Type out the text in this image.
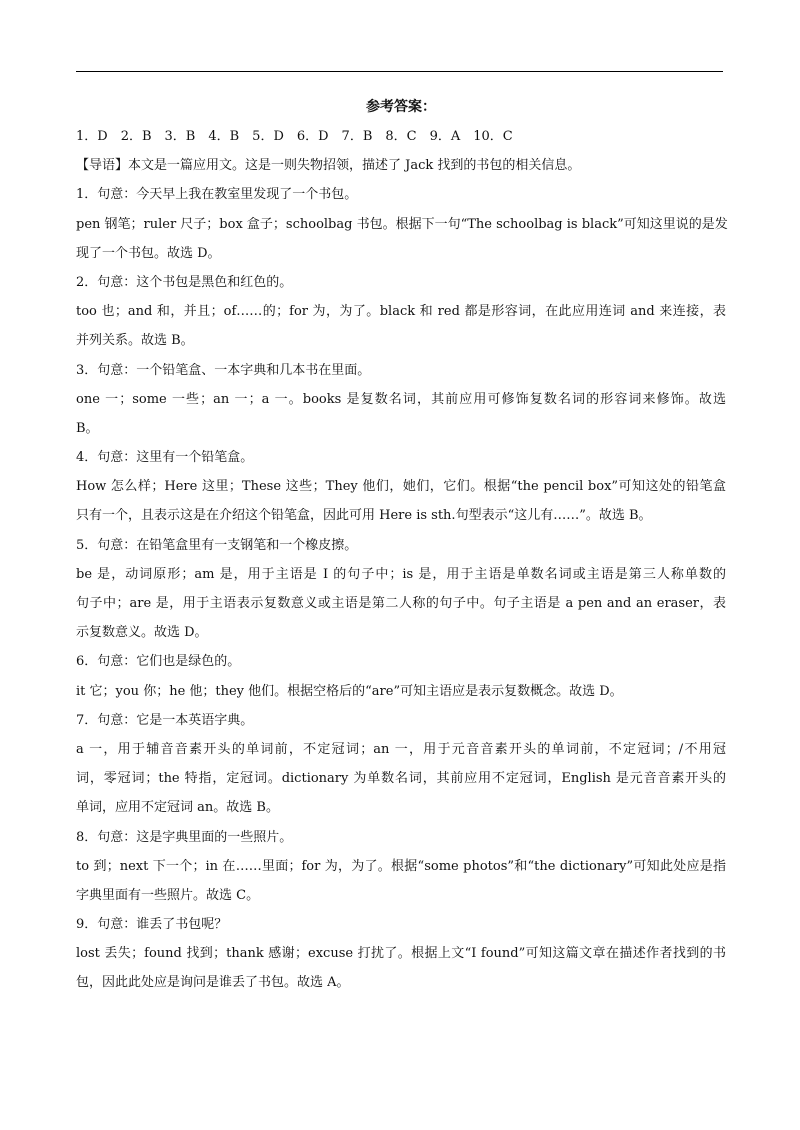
参考答案：

1．D　2．B　3．B　4．B　5．D　6．D　7．B　8．C　9．A　10．C

【导语】本文是一篇应用文。这是一则失物招领，描述了 Jack 找到的书包的相关信息。

1．句意：今天早上我在教室里发现了一个书包。

pen 钢笔；ruler 尺子；box 盒子；schoolbag 书包。根据下一句“The schoolbag is black”可知这里说的是发

现了一个书包。故选 D。

2．句意：这个书包是黑色和红色的。

too 也；and 和，并且；of……的；for 为，为了。black 和 red 都是形容词，在此应用连词 and 来连接，表

并列关系。故选 B。

3．句意：一个铅笔盒、一本字典和几本书在里面。

one 一；some 一些；an 一；a 一。books 是复数名词，其前应用可修饰复数名词的形容词来修饰。故选

B。

4．句意：这里有一个铅笔盒。

How 怎么样；Here 这里；These 这些；They 他们，她们，它们。根据“the pencil box”可知这处的铅笔盒

只有一个，且表示这是在介绍这个铅笔盒，因此可用 Here is sth.句型表示“这儿有……”。故选 B。

5．句意：在铅笔盒里有一支钢笔和一个橡皮擦。

be 是，动词原形；am 是，用于主语是 I 的句子中；is 是，用于主语是单数名词或主语是第三人称单数的

句子中；are 是，用于主语表示复数意义或主语是第二人称的句子中。句子主语是 a pen and an eraser，表

示复数意义。故选 D。

6．句意：它们也是绿色的。

it 它；you 你；he 他；they 他们。根据空格后的“are”可知主语应是表示复数概念。故选 D。

7．句意：它是一本英语字典。

a 一，用于辅音音素开头的单词前，不定冠词；an 一，用于元音音素开头的单词前，不定冠词；/不用冠

词，零冠词；the 特指，定冠词。dictionary 为单数名词，其前应用不定冠词，English 是元音音素开头的

单词，应用不定冠词 an。故选 B。

8．句意：这是字典里面的一些照片。

to 到；next 下一个；in 在……里面；for 为，为了。根据“some photos”和“the dictionary”可知此处应是指

字典里面有一些照片。故选 C。

9．句意：谁丢了书包呢？

lost 丢失；found 找到；thank 感谢；excuse 打扰了。根据上文“I found”可知这篇文章在描述作者找到的书

包，因此此处应是询问是谁丢了书包。故选 A。
